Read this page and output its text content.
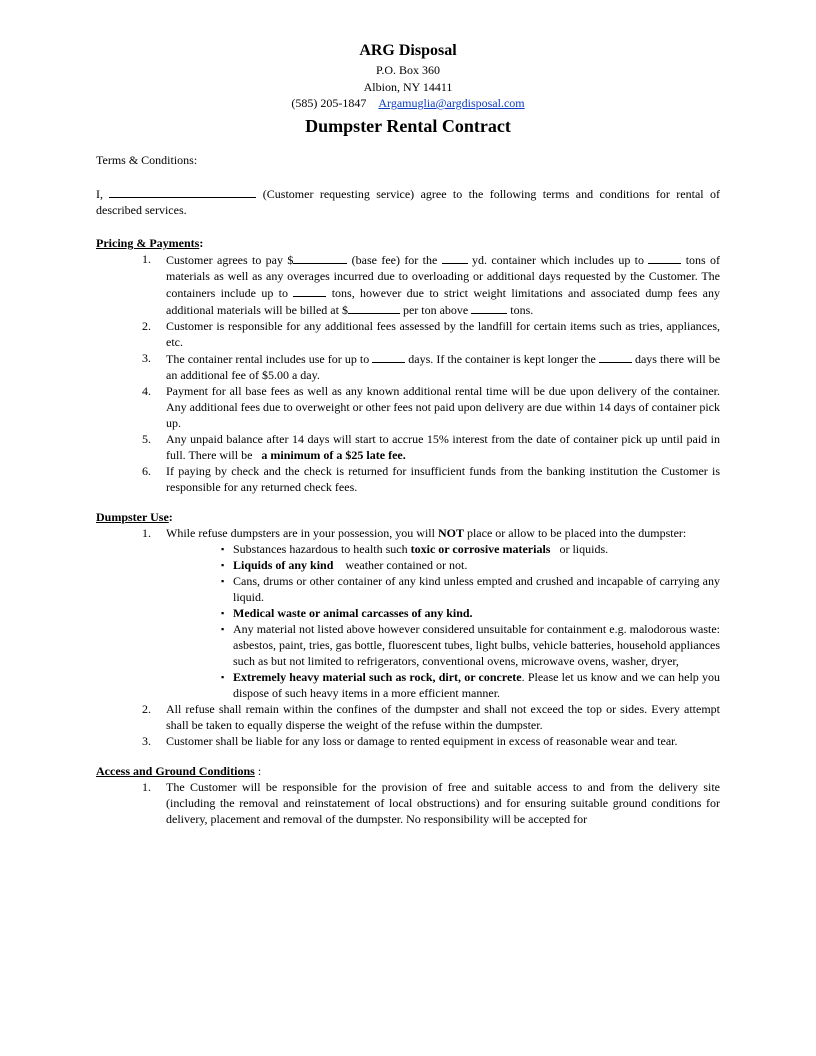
ARG Disposal
P.O. Box 360
Albion, NY 14411
(585) 205-1847 Argamuglia@argdisposal.com
Dumpster Rental Contract

Terms & Conditions:

I,	(Customer requesting service) agree to the following terms and conditions for rental of described services.

Pricing & Payments:

1. Customer agrees to pay $	(base fee) for the	yd. container which includes up to	tons of materials as well as any overages incurred due to overloading or additional days requested by the Customer. The containers include up to	tons, however due to strict weight limitations and associated dump fees any additional materials will be billed at $	per ton above	tons.
2. Customer is responsible for any additional fees assessed by the landfill for certain items such as tries, appliances, etc.
3. The container rental includes use for up to	days. If the container is kept longer the	days there will be an additional fee of $5.00 a day.
4. Payment for all base fees as well as any known additional rental time will be due upon delivery of the container. Any additional fees due to overweight or other fees not paid upon delivery are due within 14 days of container pick up.
5. Any unpaid balance after 14 days will start to accrue 15% interest from the date of container pick up until paid in full. There will be a minimum of a $25 late fee.
6. If paying by check and the check is returned for insufficient funds from the banking institution the Customer is responsible for any returned check fees.

Dumpster Use:

1. While refuse dumpsters are in your possession, you will NOT place or allow to be placed into the dumpster:
▪ Substances hazardous to health such toxic or corrosive materials or liquids.
▪ Liquids of any kind weather contained or not.
▪ Cans, drums or other container of any kind unless empted and crushed and incapable of carrying any liquid.
▪ Medical waste or animal carcasses of any kind.
▪ Any material not listed above however considered unsuitable for containment e.g. malodorous waste: asbestos, paint, tries, gas bottle, fluorescent tubes, light bulbs, vehicle batteries, household appliances such as but not limited to refrigerators, conventional ovens, microwave ovens, washer, dryer,
▪ Extremely heavy material such as rock, dirt, or concrete. Please let us know and we can help you dispose of such heavy items in a more efficient manner.
2. All refuse shall remain within the confines of the dumpster and shall not exceed the top or sides. Every attempt shall be taken to equally disperse the weight of the refuse within the dumpster.
3. Customer shall be liable for any loss or damage to rented equipment in excess of reasonable wear and tear.

Access and Ground Conditions :

1. The Customer will be responsible for the provision of free and suitable access to and from the delivery site (including the removal and reinstatement of local obstructions) and for ensuring suitable ground conditions for delivery, placement and removal of the dumpster. No responsibility will be accepted for
